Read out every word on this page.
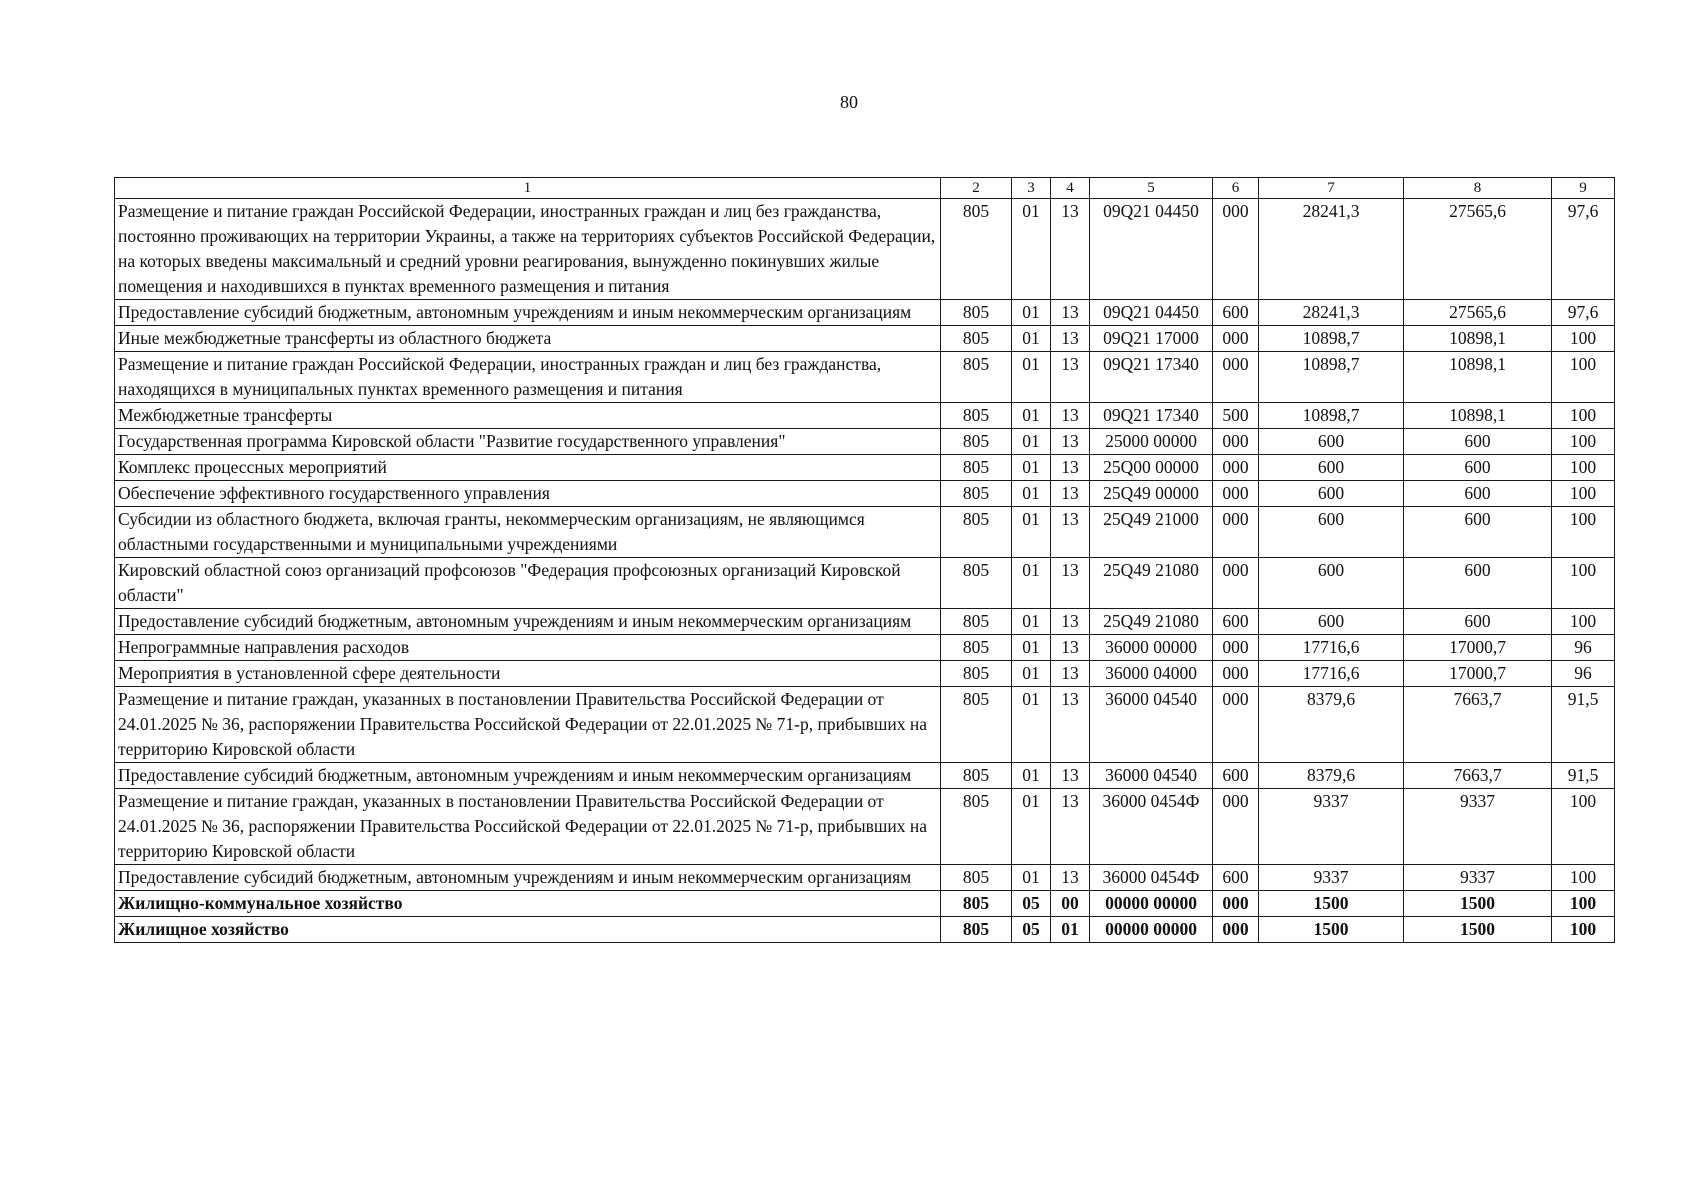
80
1	2	3	4	5	6	7	8	9
Размещение и питание граждан Российской Федерации, иностранных граждан и лиц без гражданства, постоянно проживающих на территории Украины, а также на территориях субъектов Российской Федерации, на которых введены максимальный и средний уровни реагирования, вынужденно покинувших жилые помещения и находившихся в пунктах временного размещения и питания	805	01	13	09Q21 04450	000	28241,3	27565,6	97,6
Предоставление субсидий бюджетным, автономным учреждениям и иным некоммерческим организациям	805	01	13	09Q21 04450	600	28241,3	27565,6	97,6
Иные межбюджетные трансферты из областного бюджета	805	01	13	09Q21 17000	000	10898,7	10898,1	100
Размещение и питание граждан Российской Федерации, иностранных граждан и лиц без гражданства, находящихся в муниципальных пунктах временного размещения и питания	805	01	13	09Q21 17340	000	10898,7	10898,1	100
Межбюджетные трансферты	805	01	13	09Q21 17340	500	10898,7	10898,1	100
Государственная программа Кировской области "Развитие государственного управления"	805	01	13	25000 00000	000	600	600	100
Комплекс процессных мероприятий	805	01	13	25Q00 00000	000	600	600	100
Обеспечение эффективного государственного управления	805	01	13	25Q49 00000	000	600	600	100
Субсидии из областного бюджета, включая гранты, некоммерческим организациям, не являющимся областными государственными и муниципальными учреждениями	805	01	13	25Q49 21000	000	600	600	100
Кировский областной союз организаций профсоюзов "Федерация профсоюзных организаций Кировской области"	805	01	13	25Q49 21080	000	600	600	100
Предоставление субсидий бюджетным, автономным учреждениям и иным некоммерческим организациям	805	01	13	25Q49 21080	600	600	600	100
Непрограммные направления расходов	805	01	13	36000 00000	000	17716,6	17000,7	96
Мероприятия в установленной сфере деятельности	805	01	13	36000 04000	000	17716,6	17000,7	96
Размещение и питание граждан, указанных в постановлении Правительства Российской Федерации от 24.01.2025 № 36, распоряжении Правительства Российской Федерации от 22.01.2025 № 71-р, прибывших на территорию Кировской области	805	01	13	36000 04540	000	8379,6	7663,7	91,5
Предоставление субсидий бюджетным, автономным учреждениям и иным некоммерческим организациям	805	01	13	36000 04540	600	8379,6	7663,7	91,5
Размещение и питание граждан, указанных в постановлении Правительства Российской Федерации от 24.01.2025 № 36, распоряжении Правительства Российской Федерации от 22.01.2025 № 71-р, прибывших на территорию Кировской области	805	01	13	36000 0454Ф	000	9337	9337	100
Предоставление субсидий бюджетным, автономным учреждениям и иным некоммерческим организациям	805	01	13	36000 0454Ф	600	9337	9337	100
Жилищно-коммунальное хозяйство	805	05	00	00000 00000	000	1500	1500	100
Жилищное хозяйство	805	05	01	00000 00000	000	1500	1500	100
